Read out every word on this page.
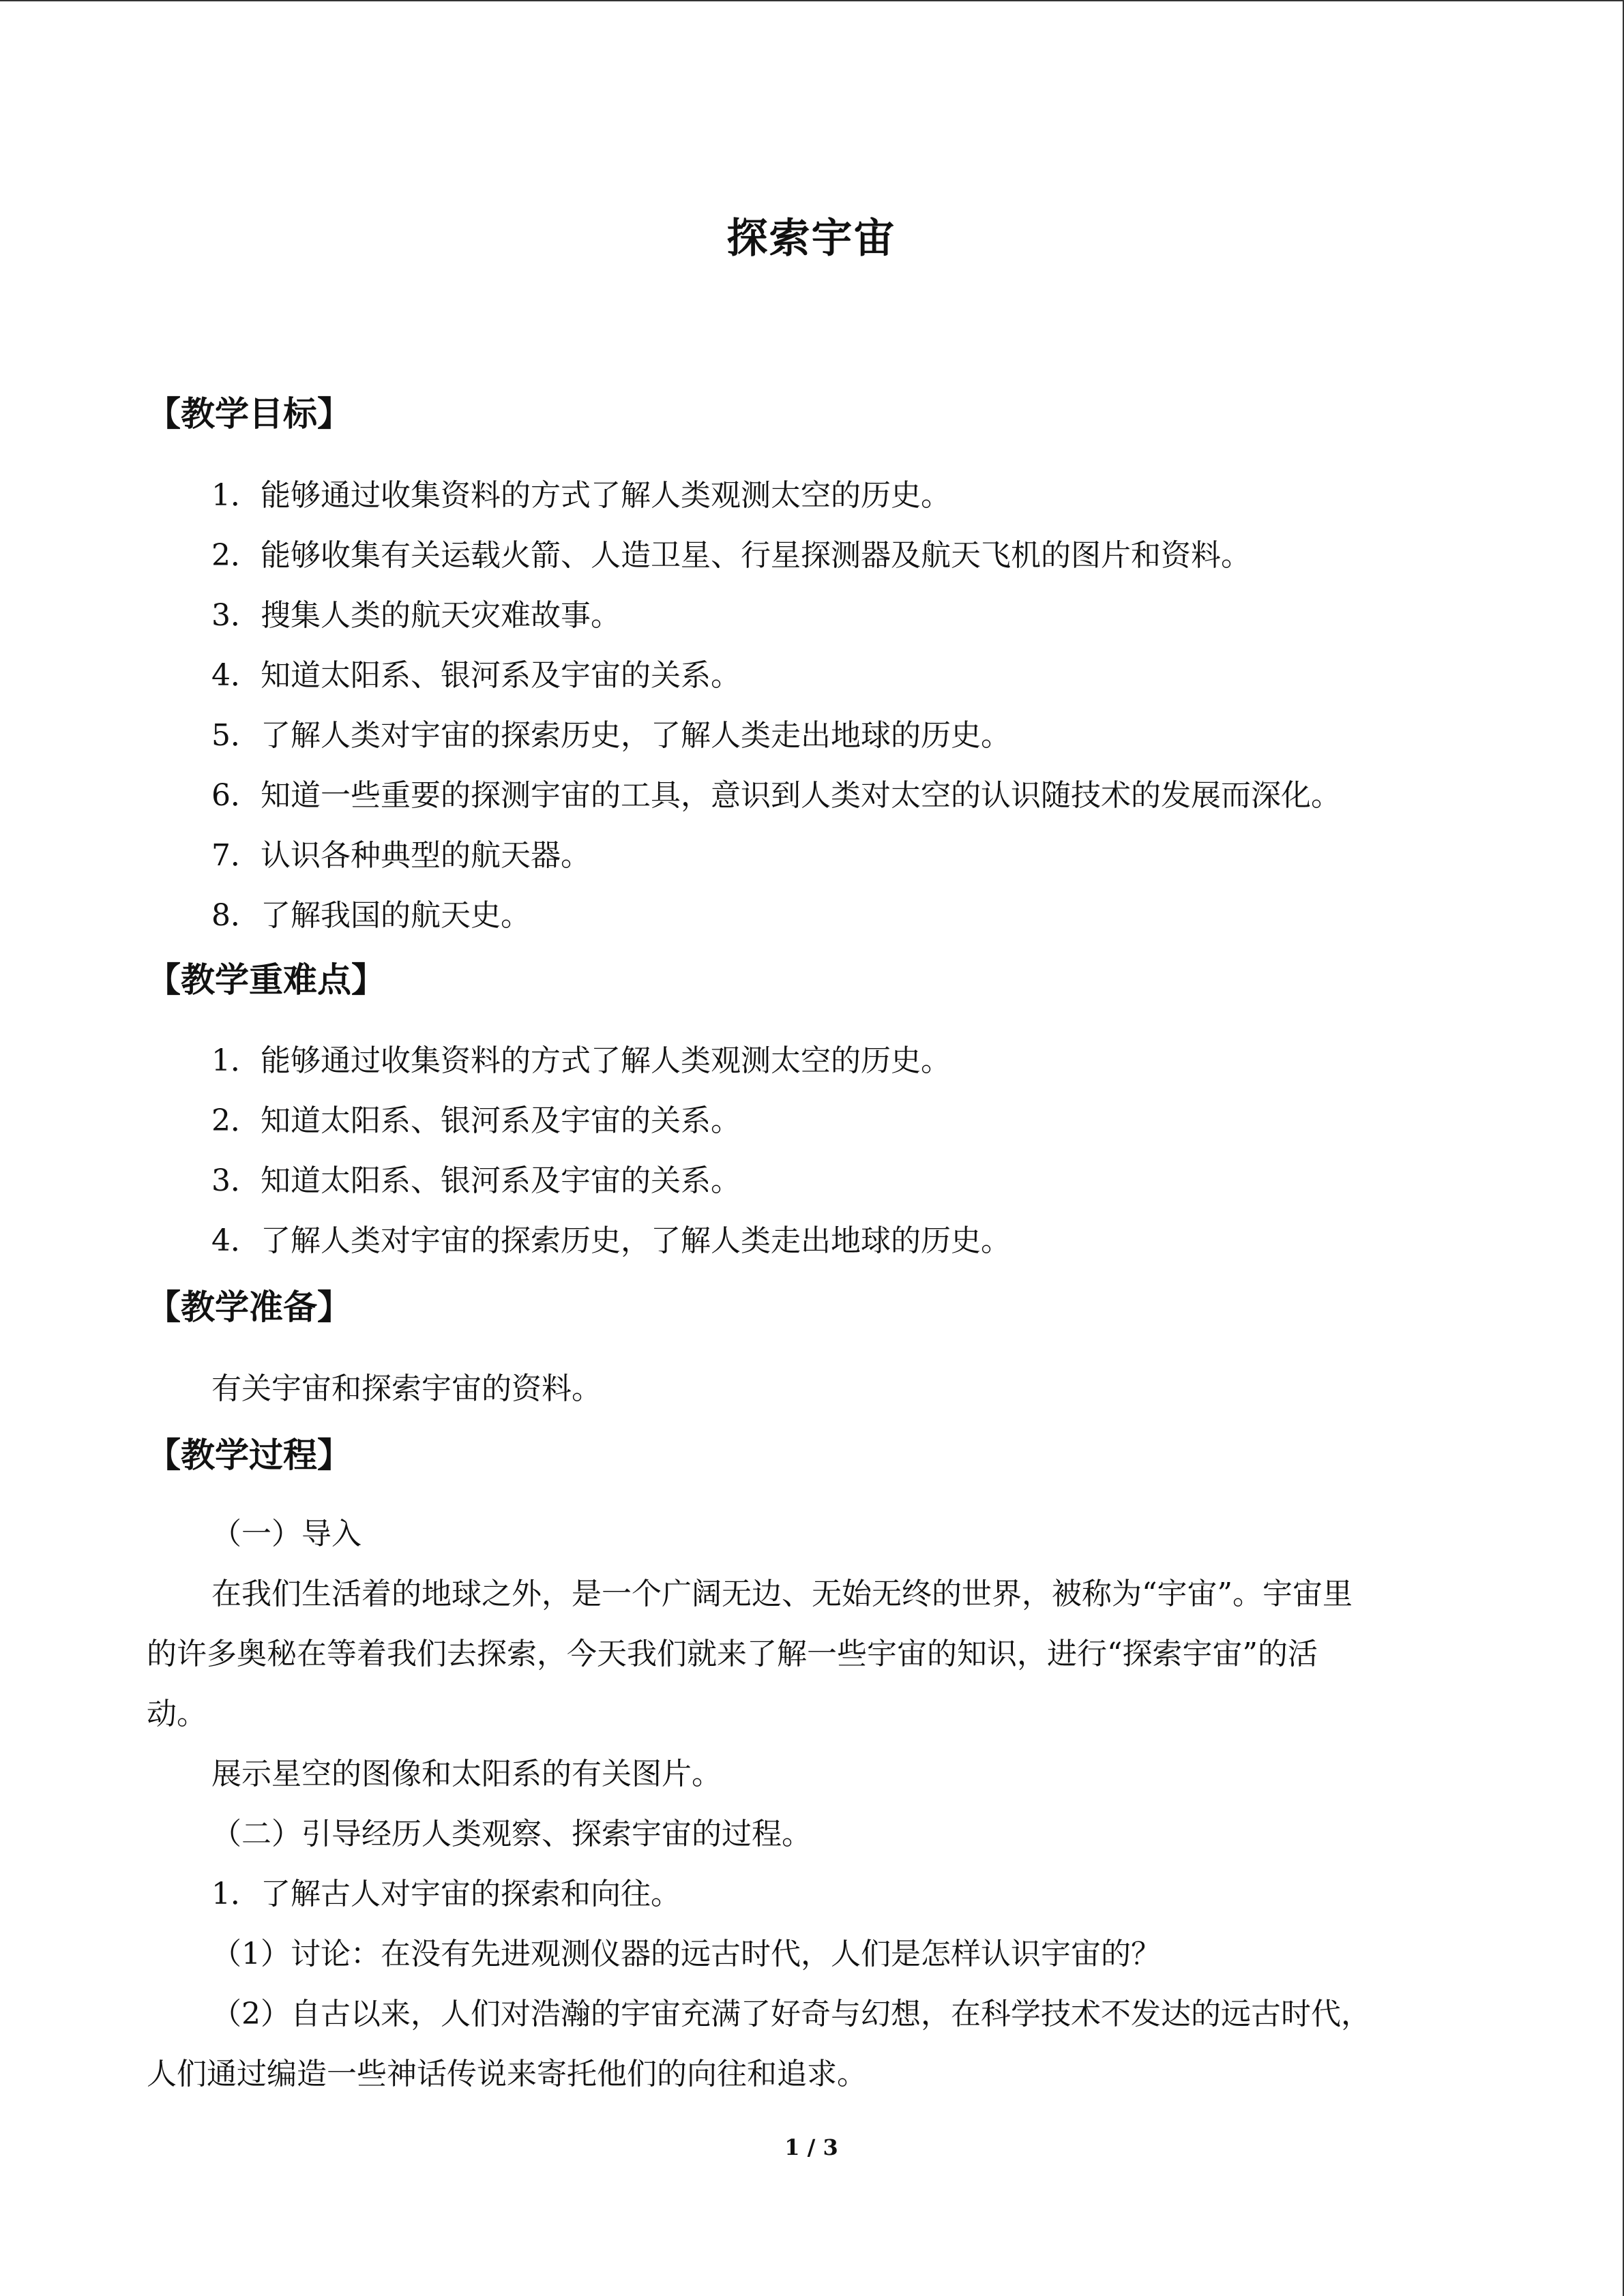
探索宇宙
【教学目标】
1．能够通过收集资料的方式了解人类观测太空的历史。
2．能够收集有关运载火箭、人造卫星、行星探测器及航天飞机的图片和资料。
3．搜集人类的航天灾难故事。
4．知道太阳系、银河系及宇宙的关系。
5．了解人类对宇宙的探索历史，了解人类走出地球的历史。
6．知道一些重要的探测宇宙的工具，意识到人类对太空的认识随技术的发展而深化。
7．认识各种典型的航天器。
8．了解我国的航天史。
【教学重难点】
1．能够通过收集资料的方式了解人类观测太空的历史。
2．知道太阳系、银河系及宇宙的关系。
3．知道太阳系、银河系及宇宙的关系。
4．了解人类对宇宙的探索历史，了解人类走出地球的历史。
【教学准备】
有关宇宙和探索宇宙的资料。
【教学过程】
（一）导入
在我们生活着的地球之外，是一个广阔无边、无始无终的世界，被称为“宇宙”。宇宙里
的许多奥秘在等着我们去探索，今天我们就来了解一些宇宙的知识，进行“探索宇宙”的活
动。
展示星空的图像和太阳系的有关图片。
（二）引导经历人类观察、探索宇宙的过程。
1．了解古人对宇宙的探索和向往。
（1）讨论：在没有先进观测仪器的远古时代，人们是怎样认识宇宙的？
（2）自古以来，人们对浩瀚的宇宙充满了好奇与幻想，在科学技术不发达的远古时代，
人们通过编造一些神话传说来寄托他们的向往和追求。
1 / 3
